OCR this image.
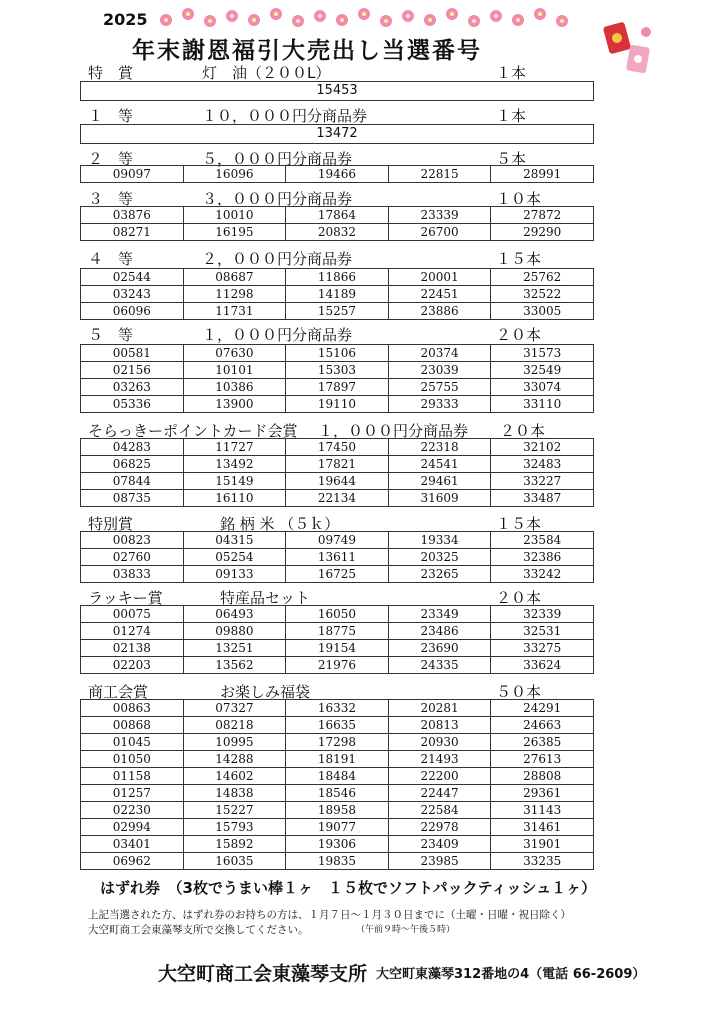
2025
年末謝恩福引大売出し当選番号
特　賞	灯　油（２００L）	１本
15453
１　等	１０，０００円分商品券	１本
13472
２　等	５，０００円分商品券	５本
09097	16096	19466	22815	28991
３　等	３，０００円分商品券	１０本
03876	10010	17864	23339	27872
08271	16195	20832	26700	29290
４　等	２，０００円分商品券	１５本
02544	08687	11866	20001	25762
03243	11298	14189	22451	32522
06096	11731	15257	23886	33005
５　等	１，０００円分商品券	２０本
00581	07630	15106	20374	31573
02156	10101	15303	23039	32549
03263	10386	17897	25755	33074
05336	13900	19110	29333	33110
そらっきーポイントカード会賞 １，０００円分商品券 ２０本
04283	11727	17450	22318	32102
06825	13492	17821	24541	32483
07844	15149	19644	29461	33227
08735	16110	22134	31609	33487
特別賞	銘 柄 米 （５ｋ）	１５本
00823	04315	09749	19334	23584
02760	05254	13611	20325	32386
03833	09133	16725	23265	33242
ラッキー賞	特産品セット	２０本
00075	06493	16050	23349	32339
01274	09880	18775	23486	32531
02138	13251	19154	23690	33275
02203	13562	21976	24335	33624
商工会賞	お楽しみ福袋	５０本
00863	07327	16332	20281	24291
00868	08218	16635	20813	24663
01045	10995	17298	20930	26385
01050	14288	18191	21493	27613
01158	14602	18484	22200	28808
01257	14838	18546	22447	29361
02230	15227	18958	22584	31143
02994	15793	19077	22978	31461
03401	15892	19306	23409	31901
06962	16035	19835	23985	33235
はずれ券　（3枚でうまい棒１ヶ　１５枚でソフトパックティッシュ１ヶ）
上記当選された方、はずれ券のお持ちの方は、１月７日～１月３０日までに（土曜・日曜・祝日除く）
大空町商工会東藻琴支所で交換してください。	（午前９時～午後５時）
大空町商工会東藻琴支所 大空町東藻琴312番地の4（電話 66-2609）
